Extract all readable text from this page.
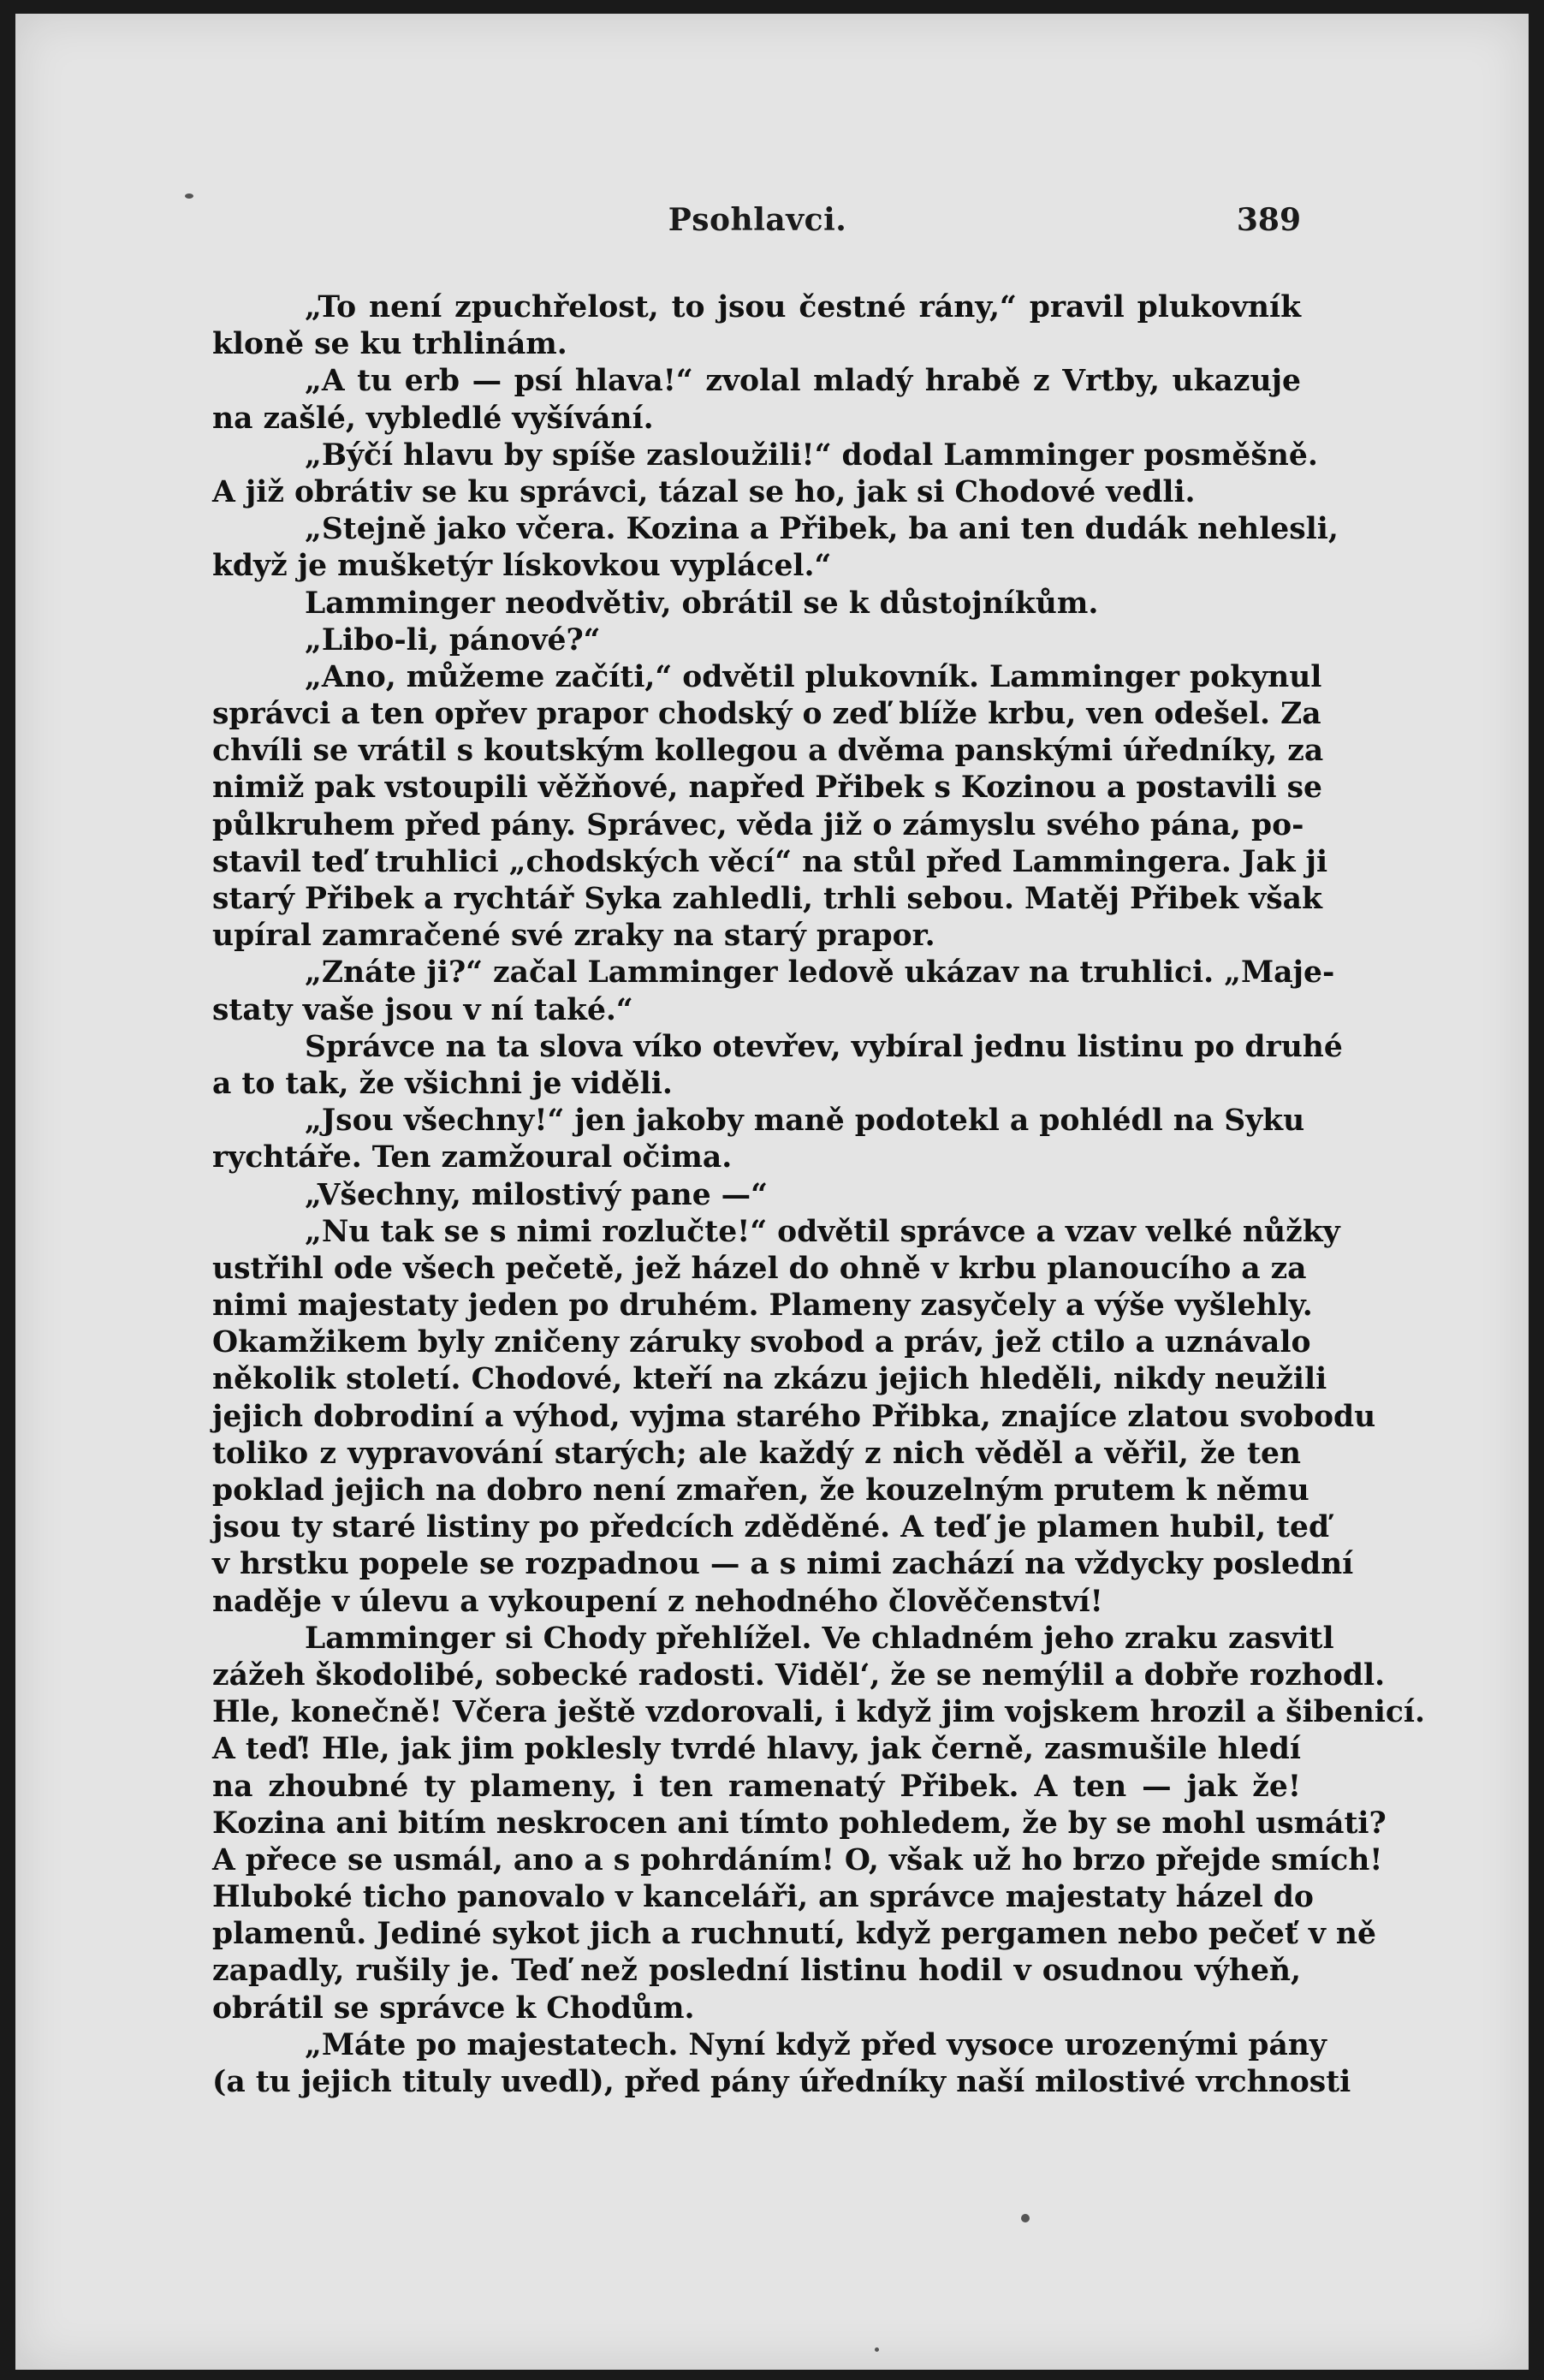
Psohlavci.	389
„To není zpuchřelost, to jsou čestné rány,“ pravil plukovník
kloně se ku trhlinám.
„A tu erb — psí hlava!“ zvolal mladý hrabě z Vrtby, ukazuje
na zašlé, vybledlé vyšívání.
„Býčí hlavu by spíše zasloužili!“ dodal Lamminger posměšně.
A již obrátiv se ku správci, tázal se ho, jak si Chodové vedli.
„Stejně jako včera. Kozina a Přibek, ba ani ten dudák nehlesli,
když je mušketýr lískovkou vyplácel.“
Lamminger neodvětiv, obrátil se k důstojníkům.
„Libo-li, pánové?“
„Ano, můžeme začíti,“ odvětil plukovník. Lamminger pokynul
správci a ten opřev prapor chodský o zeď blíže krbu, ven odešel. Za
chvíli se vrátil s koutským kollegou a dvěma panskými úředníky, za
nimiž pak vstoupili věžňové, napřed Přibek s Kozinou a postavili se
půlkruhem před pány. Správec, věda již o zámyslu svého pána, po-
stavil teď truhlici „chodských věcí“ na stůl před Lammingera. Jak ji
starý Přibek a rychtář Syka zahledli, trhli sebou. Matěj Přibek však
upíral zamračené své zraky na starý prapor.
„Znáte ji?“ začal Lamminger ledově ukázav na truhlici. „Maje-
staty vaše jsou v ní také.“
Správce na ta slova víko otevřev, vybíral jednu listinu po druhé
a to tak, že všichni je viděli.
„Jsou všechny!“ jen jakoby maně podotekl a pohlédl na Syku
rychtáře. Ten zamžoural očima.
„Všechny, milostivý pane —“
„Nu tak se s nimi rozlučte!“ odvětil správce a vzav velké nůžky
ustřihl ode všech pečetě, jež házel do ohně v krbu planoucího a za
nimi majestaty jeden po druhém. Plameny zasyčely a výše vyšlehly.
Okamžikem byly zničeny záruky svobod a práv, jež ctilo a uznávalo
několik století. Chodové, kteří na zkázu jejich hleděli, nikdy neužili
jejich dobrodiní a výhod, vyjma starého Přibka, znajíce zlatou svobodu
toliko z vypravování starých; ale každý z nich věděl a věřil, že ten
poklad jejich na dobro není zmařen, že kouzelným prutem k němu
jsou ty staré listiny po předcích zděděné. A teď je plamen hubil, teď
v hrstku popele se rozpadnou — a s nimi zachází na vždycky poslední
naděje v úlevu a vykoupení z nehodného člověčenství!
Lamminger si Chody přehlížel. Ve chladném jeho zraku zasvitl
zážeh škodolibé, sobecké radosti. Viděl‘, že se nemýlil a dobře rozhodl.
Hle, konečně! Včera ještě vzdorovali, i když jim vojskem hrozil a šibenicí.
A teď! Hle, jak jim poklesly tvrdé hlavy, jak černě, zasmušile hledí
na zhoubné ty plameny, i ten ramenatý Přibek. A ten — jak že!
Kozina ani bitím neskrocen ani tímto pohledem, že by se mohl usmáti?
A přece se usmál, ano a s pohrdáním! O, však už ho brzo přejde smích!
Hluboké ticho panovalo v kanceláři, an správce majestaty házel do
plamenů. Jediné sykot jich a ruchnutí, když pergamen nebo pečeť v ně
zapadly, rušily je. Teď než poslední listinu hodil v osudnou výheň,
obrátil se správce k Chodům.
„Máte po majestatech. Nyní když před vysoce urozenými pány
(a tu jejich tituly uvedl), před pány úředníky naší milostivé vrchnosti
